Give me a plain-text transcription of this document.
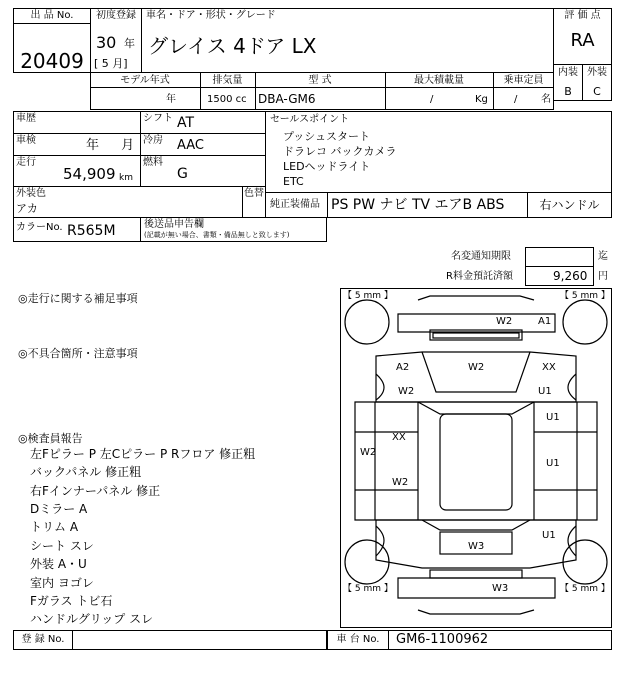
出 品 No.
20409
初度登録
30 年
[ 5 月]
車名・ドア・形状・グレード
グレイス 4ドア LX
評 価 点
RA
内装 外装
B	C
モデル年式
年
排気量
1500 cc
型 式
DBA-GM6
最大積載量
/	Kg
乗車定員
/ 名
車歴	シフト AT
車検	年 月 冷房 AAC
走行
54,909 km
燃料
G
外装色
アカ
色替
カラーNo. R565M	後送品申告欄
(記載が無い場合、書類・備品無しと致します)
セールスポイント
プッシュスタート
ドラレコ バックカメラ
LEDヘッドライト
ETC
純正装備品 PS PW ナビ TV エアB ABS	右ハンドル
名変通知期限	迄
R料金預託済額	9,260 円
◎走行に関する補足事項
◎不具合箇所・注意事項
◎検査員報告
左Fピラー P 左Cピラー P Rフロア 修正粗
バックパネル 修正粗
右Fインナーパネル 修正
Dミラー A
トリム A
シート スレ
外装 A・U
室内 ヨゴレ
Fガラス トビ石
ハンドルグリップ スレ
【 5 mm 】	【 5 mm 】
【 5 mm 】	【 5 mm 】
W2	A1
A2
W2
W2	XX
U1
U1
XX
W2
U1
W2
U1
W3
W3
登 録 No.	車 台 No.	GM6-1100962
